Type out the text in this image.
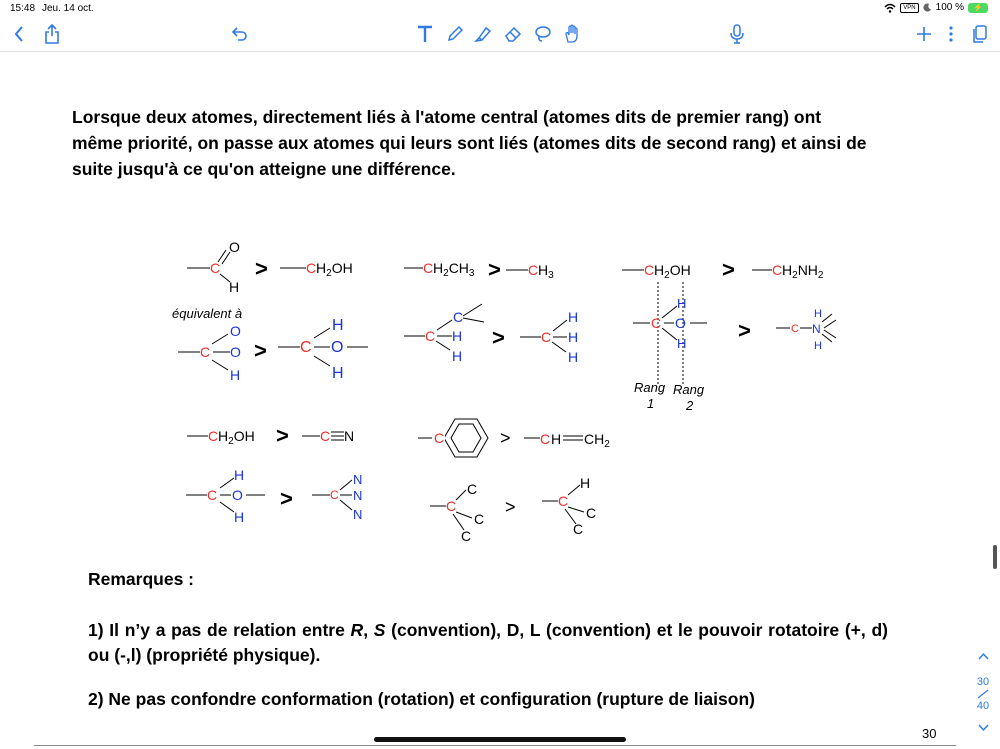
15:48 Jeu. 14 oct.	VPN	100 %	⚡
Lorsque deux atomes, directement liés à l'atome central (atomes dits de premier rang) ont même priorité, on passe aux atomes qui leurs sont liés (atomes dits de second rang) et ainsi de suite jusqu'à ce qu'on atteigne une différence.
C
O
H
>	C $H_2OH$
équivalent à
C
O
O
H
> C
H
O
H
C $H_2CH_3 > C$ $H_3$
C
C
H
H
>	C
H
H
H
C $H_2OH$ >	C $H_2NH_2$
C O
H
H
Rang
1
Rang
2
>	C N
H
H
C $H_2OH > C$ N
C
H
O
H
>	C
N
N
N
C	> C H $CH_2$
C
C
C
C
>	C
H
C
C
Remarques :
1) Il n’y a pas de relation entre R, S (convention), D, L (convention) et le pouvoir rotatoire (+, d) ou (-,l) (propriété physique).
2) Ne pas confondre conformation (rotation) et configuration (rupture de liaison)
30
30
40
